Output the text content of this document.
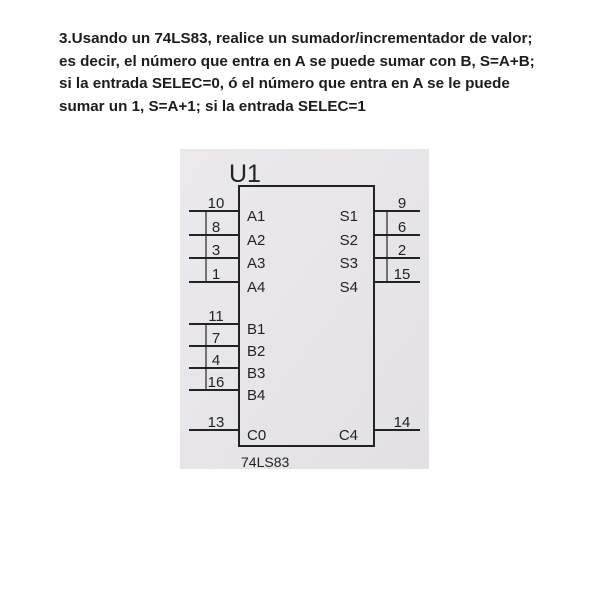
3.Usando un 74LS83, realice un sumador/incrementador de valor;
es decir, el número que entra en A se puede sumar con B, S=A+B;
si la entrada SELEC=0, ó el número que entra en A se le puede
sumar un 1, S=A+1; si la entrada SELEC=1
U1
74LS83
10
A1
8
A2
3
A3
1
A4
11
B1
7
B2
4
B3
16
B4
13
C0
9
S1
6
S2
2
S3
15
S4
14
C4
